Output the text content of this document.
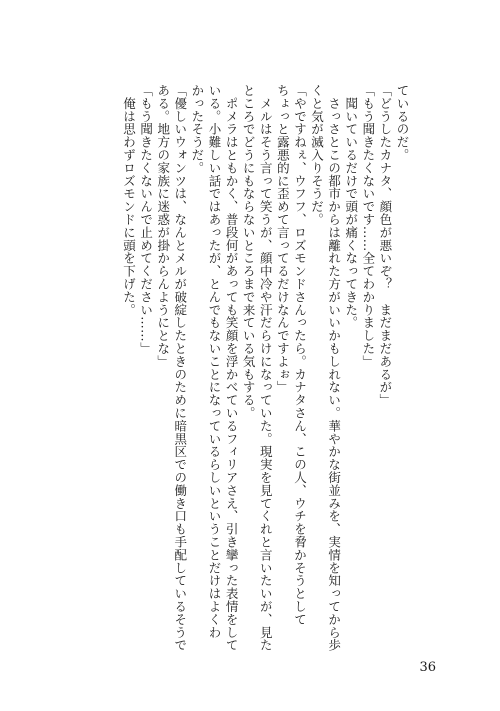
ているのだ。

「どうしたカナタ、顔色が悪いぞ？　まだまだあるが」

「もう聞きたくないです……全てわかりました」

　聞いているだけで頭が痛くなってきた。

　さっさとこの都市からは離れた方がいいかもしれない。華やかな街並みを、実情を知ってから歩

くと気が滅入りそうだ。

「やですねぇ、ウフフ、ロズモンドさんったら。カナタさん、この人、ウチを脅かそうとして

ちょっと露悪的に歪めて言ってるだけなんですよぉ」

　メルはそう言って笑うが、顔中冷や汗だらけになっていた。現実を見てくれと言いたいが、見た

ところでどうにもならないところまで来ている気もする。

　ポメラはともかく、普段何があっても笑顔を浮かべているフィリアさえ、引き攣った表情をして

いる。小難しい話ではあったが、とんでもないことになっているらしいということだけはよくわ

かったそうだ。

「優しいウォンツは、なんとメルが破綻したときのために暗黒区での働き口も手配しているそうで

ある。地方の家族に迷惑が掛からんようにとな」

「もう聞きたくないんで止めてください……」

　俺は思わずロズモンドに頭を下げた。

36
